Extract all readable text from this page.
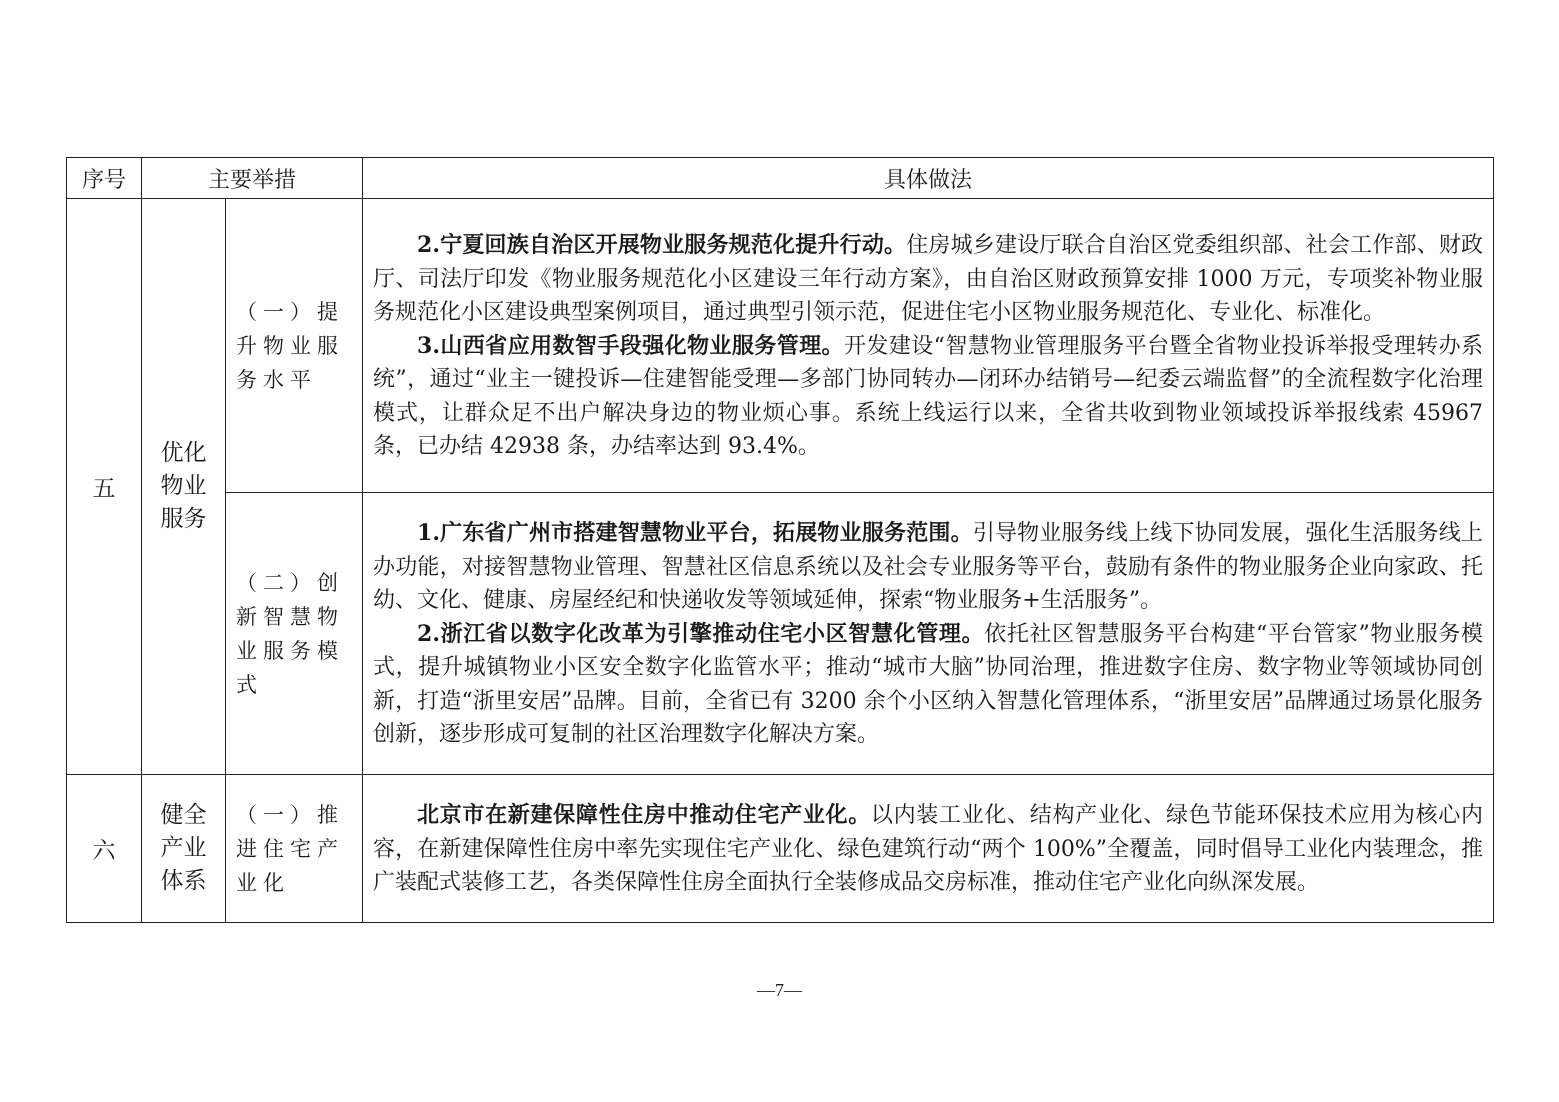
序号	主要举措		具体做法
五	优化物业服务	（一）提升物业服务水平	2.宁夏回族自治区开展物业服务规范化提升行动。住房城乡建设厅联合自治区党委组织部、社会工作部、财政厅、司法厅印发《物业服务规范化小区建设三年行动方案》，由自治区财政预算安排 1000 万元，专项奖补物业服务规范化小区建设典型案例项目，通过典型引领示范，促进住宅小区物业服务规范化、专业化、标准化。

3.山西省应用数智手段强化物业服务管理。开发建设“智慧物业管理服务平台暨全省物业投诉举报受理转办系统”，通过“业主一键投诉—住建智能受理—多部门协同转办—闭环办结销号—纪委云端监督”的全流程数字化治理模式，让群众足不出户解决身边的物业烦心事。系统上线运行以来，全省共收到物业领域投诉举报线索 45967 条，已办结 42938 条，办结率达到 93.4%。

		（二）创新智慧物业服务模式	1.广东省广州市搭建智慧物业平台，拓展物业服务范围。引导物业服务线上线下协同发展，强化生活服务线上办功能，对接智慧物业管理、智慧社区信息系统以及社会专业服务等平台，鼓励有条件的物业服务企业向家政、托幼、文化、健康、房屋经纪和快递收发等领域延伸，探索“物业服务+生活服务”。

2.浙江省以数字化改革为引擎推动住宅小区智慧化管理。依托社区智慧服务平台构建“平台管家”物业服务模式，提升城镇物业小区安全数字化监管水平；推动“城市大脑”协同治理，推进数字住房、数字物业等领域协同创新，打造“浙里安居”品牌。目前，全省已有 3200 余个小区纳入智慧化管理体系，“浙里安居”品牌通过场景化服务创新，逐步形成可复制的社区治理数字化解决方案。

六	健全产业体系	（一）推进住宅产业化	北京市在新建保障性住房中推动住宅产业化。以内装工业化、结构产业化、绿色节能环保技术应用为核心内容，在新建保障性住房中率先实现住宅产业化、绿色建筑行动“两个 100%”全覆盖，同时倡导工业化内装理念，推广装配式装修工艺，各类保障性住房全面执行全装修成品交房标准，推动住宅产业化向纵深发展。

—7—
